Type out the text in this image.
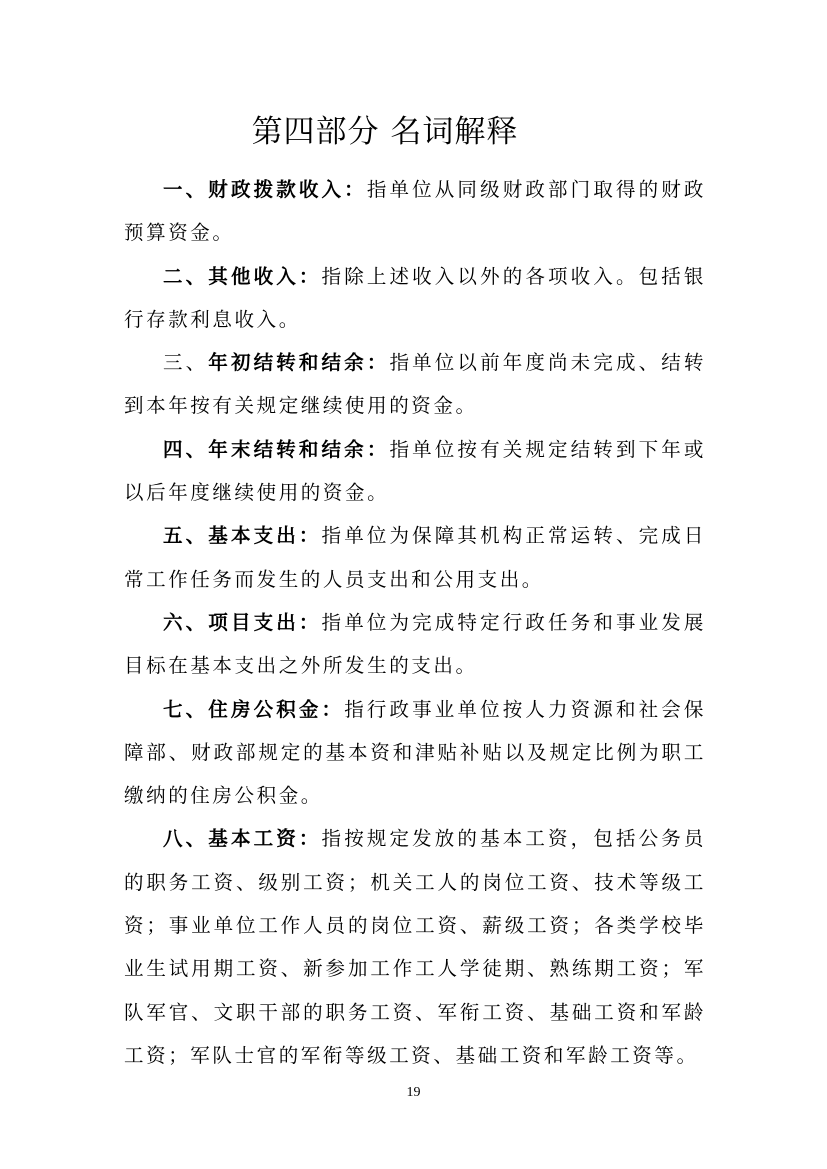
第四部分 名词解释

一、财政拨款收入：指单位从同级财政部门取得的财政预算资金。

二、其他收入：指除上述收入以外的各项收入。包括银行存款利息收入。

三、年初结转和结余：指单位以前年度尚未完成、结转到本年按有关规定继续使用的资金。

四、年末结转和结余：指单位按有关规定结转到下年或以后年度继续使用的资金。

五、基本支出：指单位为保障其机构正常运转、完成日常工作任务而发生的人员支出和公用支出。

六、项目支出：指单位为完成特定行政任务和事业发展目标在基本支出之外所发生的支出。

七、住房公积金：指行政事业单位按人力资源和社会保障部、财政部规定的基本资和津贴补贴以及规定比例为职工缴纳的住房公积金。

八、基本工资：指按规定发放的基本工资，包括公务员的职务工资、级别工资；机关工人的岗位工资、技术等级工资；事业单位工作人员的岗位工资、薪级工资；各类学校毕业生试用期工资、新参加工作工人学徒期、熟练期工资；军队军官、文职干部的职务工资、军衔工资、基础工资和军龄工资；军队士官的军衔等级工资、基础工资和军龄工资等。

19
